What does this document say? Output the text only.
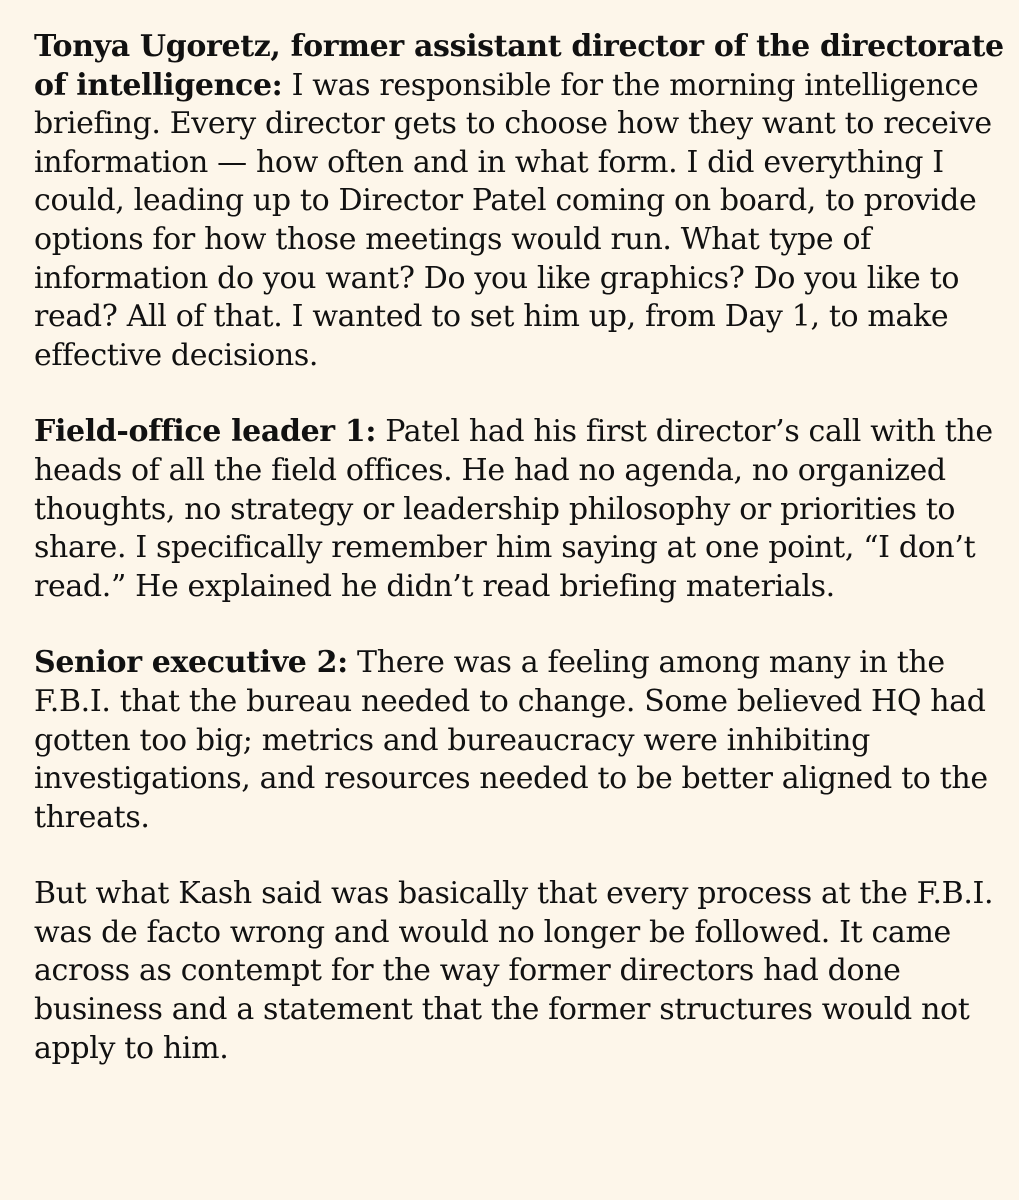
Tonya Ugoretz, former assistant director of the directorate of intelligence: I was responsible for the morning intelligence briefing. Every director gets to choose how they want to receive information — how often and in what form. I did everything I could, leading up to Director Patel coming on board, to provide options for how those meetings would run. What type of information do you want? Do you like graphics? Do you like to read? All of that. I wanted to set him up, from Day 1, to make effective decisions.

Field-office leader 1: Patel had his first director’s call with the heads of all the field offices. He had no agenda, no organized thoughts, no strategy or leadership philosophy or priorities to share. I specifically remember him saying at one point, “I don’t read.” He explained he didn’t read briefing materials.

Senior executive 2: There was a feeling among many in the F.B.I. that the bureau needed to change. Some believed HQ had gotten too big; metrics and bureaucracy were inhibiting investigations, and resources needed to be better aligned to the threats.

But what Kash said was basically that every process at the F.B.I. was de facto wrong and would no longer be followed. It came across as contempt for the way former directors had done business and a statement that the former structures would not apply to him.
